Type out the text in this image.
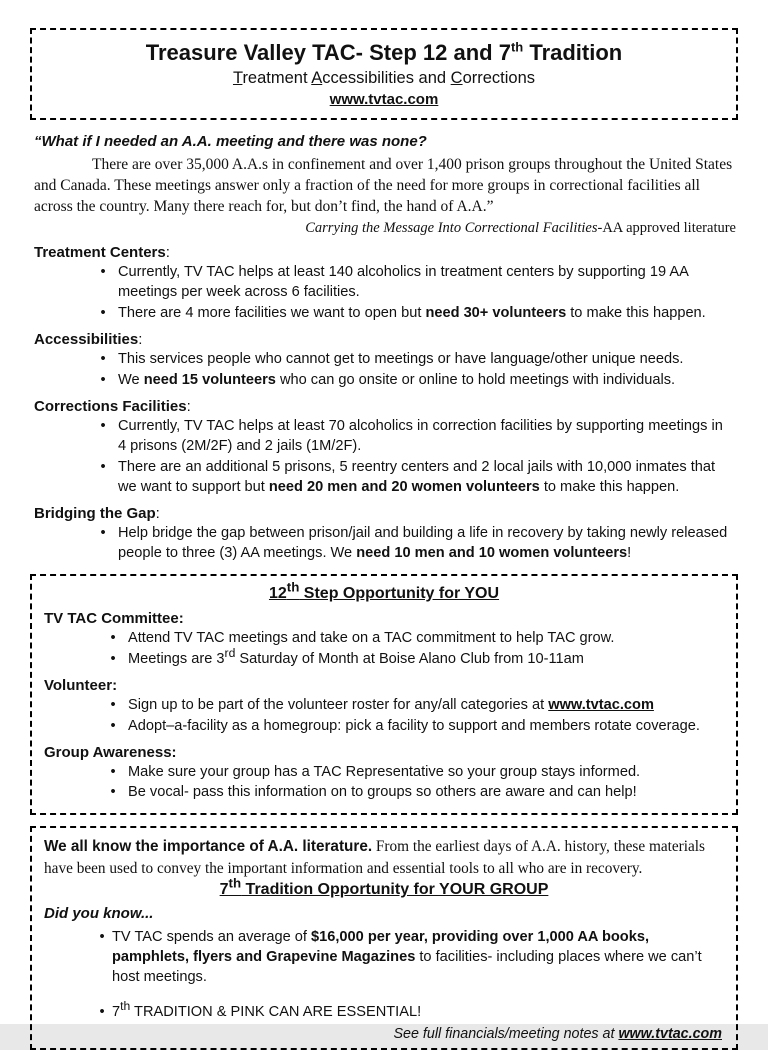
Treasure Valley TAC- Step 12 and 7th Tradition
Treatment Accessibilities and Corrections
www.tvtac.com
“What if I needed an A.A. meeting and there was none?
There are over 35,000 A.A.s in confinement and over 1,400 prison groups throughout the United States and Canada. These meetings answer only a fraction of the need for more groups in correctional facilities all across the country. Many there reach for, but don’t find, the hand of A.A.”
Carrying the Message Into Correctional Facilities-AA approved literature
Treatment Centers:
• Currently, TV TAC helps at least 140 alcoholics in treatment centers by supporting 19 AA meetings per week across 6 facilities.
• There are 4 more facilities we want to open but need 30+ volunteers to make this happen.
Accessibilities:
• This services people who cannot get to meetings or have language/other unique needs.
• We need 15 volunteers who can go onsite or online to hold meetings with individuals.
Corrections Facilities:
• Currently, TV TAC helps at least 70 alcoholics in correction facilities by supporting meetings in 4 prisons (2M/2F) and 2 jails (1M/2F).
• There are an additional 5 prisons, 5 reentry centers and 2 local jails with 10,000 inmates that we want to support but need 20 men and 20 women volunteers to make this happen.
Bridging the Gap:
• Help bridge the gap between prison/jail and building a life in recovery by taking newly released people to three (3) AA meetings. We need 10 men and 10 women volunteers!
12th Step Opportunity for YOU
TV TAC Committee:
• Attend TV TAC meetings and take on a TAC commitment to help TAC grow.
• Meetings are 3rd Saturday of Month at Boise Alano Club from 10-11am
Volunteer:
• Sign up to be part of the volunteer roster for any/all categories at www.tvtac.com
• Adopt–a-facility as a homegroup: pick a facility to support and members rotate coverage.
Group Awareness:
• Make sure your group has a TAC Representative so your group stays informed.
• Be vocal- pass this information on to groups so others are aware and can help!
We all know the importance of A.A. literature. From the earliest days of A.A. history, these materials have been used to convey the important information and essential tools to all who are in recovery.
7th Tradition Opportunity for YOUR GROUP
Did you know...
• TV TAC spends an average of $16,000 per year, providing over 1,000 AA books, pamphlets, flyers and Grapevine Magazines to facilities- including places where we can’t host meetings.
• 7th TRADITION & PINK CAN ARE ESSENTIAL!
See full financials/meeting notes at www.tvtac.com
